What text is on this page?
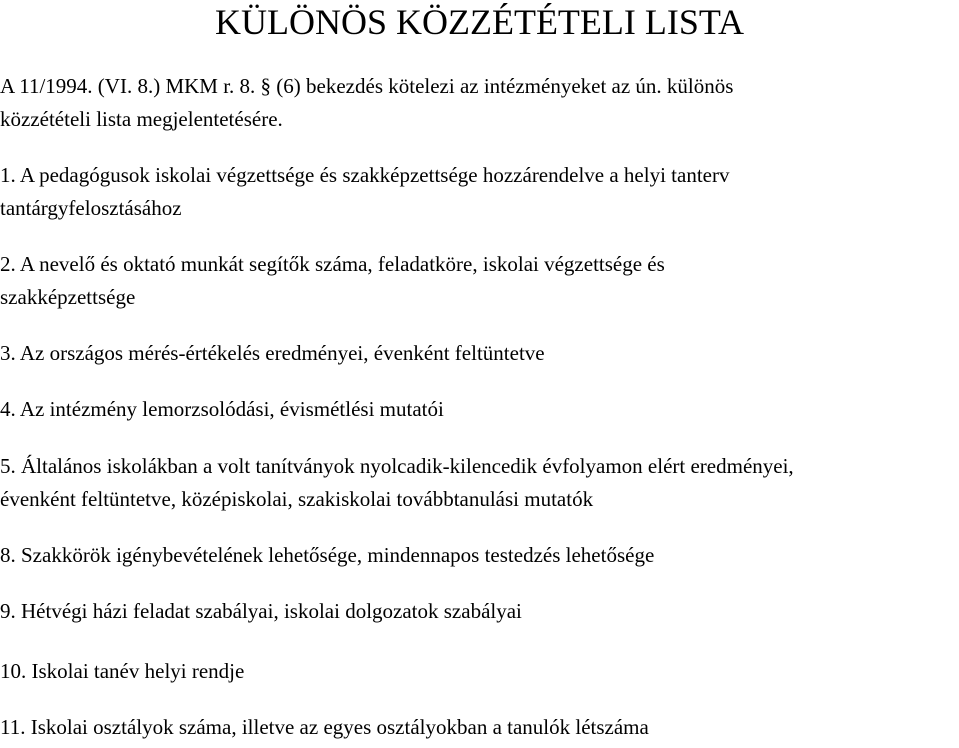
KÜLÖNÖS KÖZZÉTÉTELI LISTA

A 11/1994. (VI. 8.) MKM r. 8. § (6) bekezdés kötelezi az intézményeket az ún. különös
közzétételi lista megjelentetésére.

1. A pedagógusok iskolai végzettsége és szakképzettsége hozzárendelve a helyi tanterv
tantárgyfelosztásához

2. A nevelő és oktató munkát segítők száma, feladatköre, iskolai végzettsége és
szakképzettsége

3. Az országos mérés-értékelés eredményei, évenként feltüntetve

4. Az intézmény lemorzsolódási, évismétlési mutatói

5. Általános iskolákban a volt tanítványok nyolcadik-kilencedik évfolyamon elért eredményei,
évenként feltüntetve, középiskolai, szakiskolai továbbtanulási mutatók

8. Szakkörök igénybevételének lehetősége, mindennapos testedzés lehetősége

9. Hétvégi házi feladat szabályai, iskolai dolgozatok szabályai

10. Iskolai tanév helyi rendje

11. Iskolai osztályok száma, illetve az egyes osztályokban a tanulók létszáma
